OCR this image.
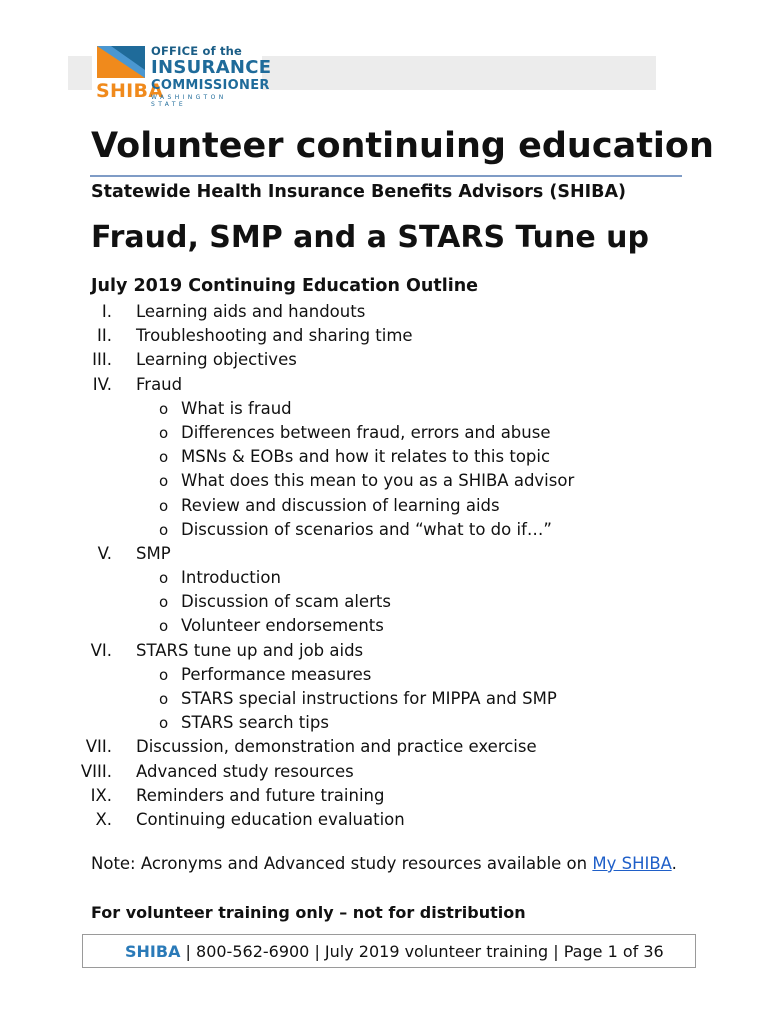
SHIBA
OFFICE of the
INSURANCE
COMMISSIONER
WASHINGTON STATE
Volunteer continuing education
Statewide Health Insurance Benefits Advisors (SHIBA)
Fraud, SMP and a STARS Tune up
July 2019 Continuing Education Outline
I. Learning aids and handouts
II. Troubleshooting and sharing time
III. Learning objectives
IV. Fraud
o What is fraud
o Differences between fraud, errors and abuse
o MSNs & EOBs and how it relates to this topic
o What does this mean to you as a SHIBA advisor
o Review and discussion of learning aids
o Discussion of scenarios and “what to do if…”
V. SMP
o Introduction
o Discussion of scam alerts
o Volunteer endorsements
VI. STARS tune up and job aids
o Performance measures
o STARS special instructions for MIPPA and SMP
o STARS search tips
VII. Discussion, demonstration and practice exercise
VIII. Advanced study resources
IX. Reminders and future training
X. Continuing education evaluation
Note: Acronyms and Advanced study resources available on My SHIBA.
For volunteer training only – not for distribution
SHIBA | 800-562-6900 | July 2019 volunteer training | Page 1 of 36
